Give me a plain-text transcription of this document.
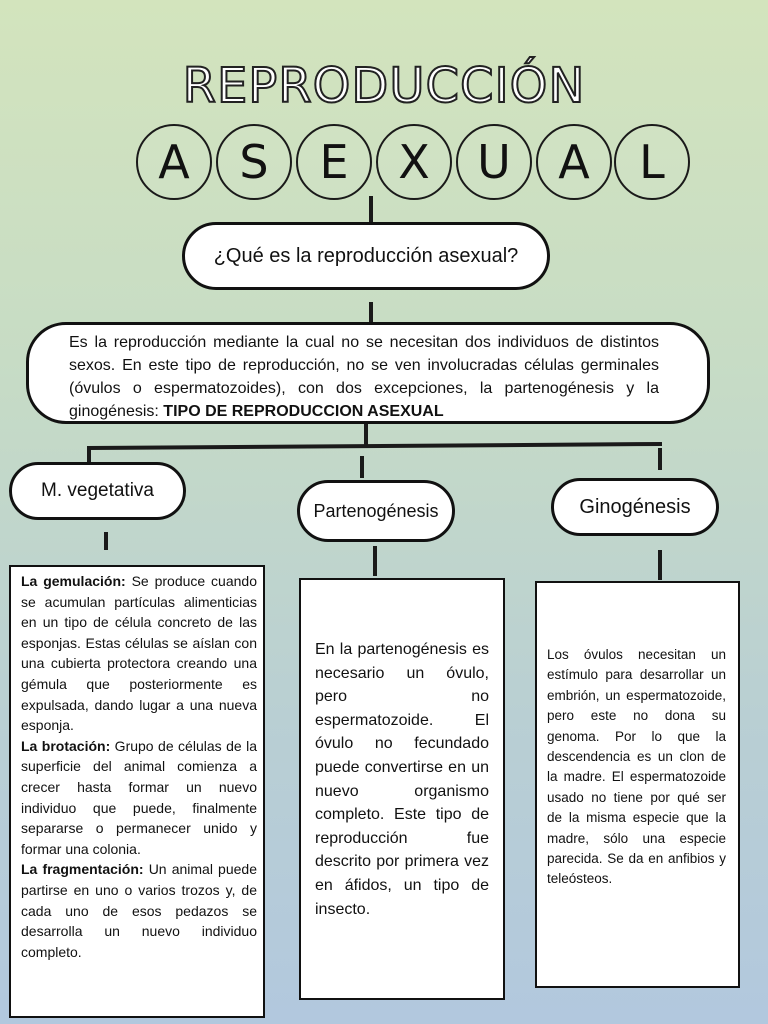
REPRODUCCIÓN
A	S	E	X	U	A	L
¿Qué es la reproducción asexual?
Es la reproducción mediante la cual no se necesitan dos individuos de distintos sexos. En este tipo de reproducción, no se ven involucradas células germinales (óvulos o espermatozoides), con dos excepciones, la partenogénesis y la ginogénesis: TIPO DE REPRODUCCION ASEXUAL
M. vegetativa
Partenogénesis	Ginogénesis

La gemulación: Se produce cuando se acumulan partículas alimenticias en un tipo de célula concreto de las esponjas. Estas células se aíslan con una cubierta protectora creando una gémula que posteriormente es expulsada, dando lugar a una nueva esponja.

La brotación: Grupo de células de la superficie del animal comienza a crecer hasta formar un nuevo individuo que puede, finalmente separarse o permanecer unido y formar una colonia.

La fragmentación: Un animal puede partirse en uno o varios trozos y, de cada uno de esos pedazos se desarrolla un nuevo individuo completo.

En la partenogénesis es necesario un óvulo, pero no espermatozoide. El óvulo no fecundado puede convertirse en un nuevo organismo completo. Este tipo de reproducción fue descrito por primera vez en áfidos, un tipo de insecto.

Los óvulos necesitan un estímulo para desarrollar un embrión, un espermatozoide, pero este no dona su genoma. Por lo que la descendencia es un clon de la madre. El espermatozoide usado no tiene por qué ser de la misma especie que la madre, sólo una especie parecida. Se da en anfibios y teleósteos.
